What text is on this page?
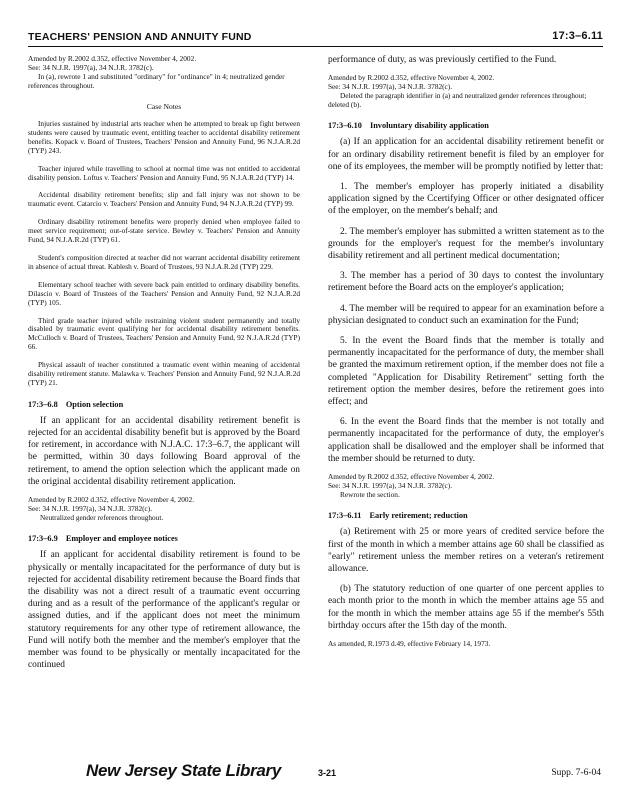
TEACHERS' PENSION AND ANNUITY FUND	17:3–6.11

Amended by R.2002 d.352, effective November 4, 2002.

See: 34 N.J.R. 1997(a), 34 N.J.R. 3782(c).

In (a), rewrote 1 and substituted "ordinary" for "ordinance" in 4; neutralized gender references throughout.

Case Notes

Injuries sustained by industrial arts teacher when he attempted to break up fight between students were caused by traumatic event, entitling teacher to accidental disability retirement benefits. Kopack v. Board of Trustees, Teachers' Pension and Annuity Fund, 96 N.J.A.R.2d (TYP) 243.

Teacher injured while travelling to school at normal time was not entitled to accidental disability pension. Loftus v. Teachers' Pension and Annuity Fund, 95 N.J.A.R.2d (TYP) 14.

Accidental disability retirement benefits; slip and fall injury was not shown to be traumatic event. Catarcio v. Teachers' Pension and Annuity Fund, 94 N.J.A.R.2d (TYP) 99.

Ordinary disability retirement benefits were properly denied when employee failed to meet service requirement; out-of-state service. Bewley v. Teachers' Pension and Annuity Fund, 94 N.J.A.R.2d (TYP) 61.

Student's composition directed at teacher did not warrant accidental disability retirement in absence of actual threat. Kablesh v. Board of Trustees, 93 N.J.A.R.2d (TYP) 229.

Elementary school teacher with severe back pain entitled to ordinary disability benefits. Dilascio v. Board of Trustees of the Teachers' Pension and Annuity Fund, 92 N.J.A.R.2d (TYP) 105.

Third grade teacher injured while restraining violent student permanently and totally disabled by traumatic event qualifying her for accidental disability retirement benefits. McCulloch v. Board of Trustees, Teachers' Pension and Annuity Fund, 92 N.J.A.R.2d (TYP) 66.

Physical assault of teacher constituted a traumatic event within meaning of accidental disability retirement statute. Malawka v. Teachers' Pension and Annuity Fund, 92 N.J.A.R.2d (TYP) 21.

17:3–6.8 Option selection

If an applicant for an accidental disability retirement benefit is rejected for an accidental disability benefit but is approved by the Board for retirement, in accordance with N.J.A.C. 17:3–6.7, the applicant will be permitted, within 30 days following Board approval of the retirement, to amend the option selection which the applicant made on the original accidental disability retirement application.

Amended by R.2002 d.352, effective November 4, 2002.

See: 34 N.J.R. 1997(a), 34 N.J.R. 3782(c).

Neutralized gender references throughout.

17:3–6.9 Employer and employee notices

If an applicant for accidental disability retirement is found to be physically or mentally incapacitated for the performance of duty but is rejected for accidental disability retirement because the Board finds that the disability was not a direct result of a traumatic event occurring during and as a result of the performance of the applicant's regular or assigned duties, and if the applicant does not meet the minimum statutory requirements for any other type of retirement allowance, the Fund will notify both the member and the member's employer that the member was found to be physically or mentally incapacitated for the continued

performance of duty, as was previously certified to the Fund.

Amended by R.2002 d.352, effective November 4, 2002.

See: 34 N.J.R. 1997(a), 34 N.J.R. 3782(c).

Deleted the paragraph identifier in (a) and neutralized gender references throughout; deleted (b).

17:3–6.10 Involuntary disability application

(a) If an application for an accidental disability retirement benefit or for an ordinary disability retirement benefit is filed by an employer for one of its employees, the member will be promptly notified by letter that:

1. The member's employer has properly initiated a disability application signed by the Ccertifying Officer or other designated officer of the employer, on the member's behalf; and

2. The member's employer has submitted a written statement as to the grounds for the employer's request for the member's involuntary disability retirement and all pertinent medical documentation;

3. The member has a period of 30 days to contest the involuntary retirement before the Board acts on the employer's application;

4. The member will be required to appear for an examination before a physician designated to conduct such an examination for the Fund;

5. In the event the Board finds that the member is totally and permanently incapacitated for the performance of duty, the member shall be granted the maximum retirement option, if the member does not file a completed "Application for Disability Retirement" setting forth the retirement option the member desires, before the retirement goes into effect; and

6. In the event the Board finds that the member is not totally and permanently incapacitated for the performance of duty, the employer's application shall be disallowed and the employer shall be informed that the member should be returned to duty.

Amended by R.2002 d.352, effective November 4, 2002.

See: 34 N.J.R. 1997(a), 34 N.J.R. 3782(c).

Rewrote the section.

17:3–6.11 Early retirement; reduction

(a) Retirement with 25 or more years of credited service before the first of the month in which a member attains age 60 shall be classified as "early" retirement unless the member retires on a veteran's retirement allowance.

(b) The statutory reduction of one quarter of one percent applies to each month prior to the month in which the member attains age 55 and for the month in which the member attains age 55 if the member's 55th birthday occurs after the 15th day of the month.

As amended, R.1973 d.49, effective February 14, 1973.

New Jersey State Library	3-21	Supp. 7-6-04
